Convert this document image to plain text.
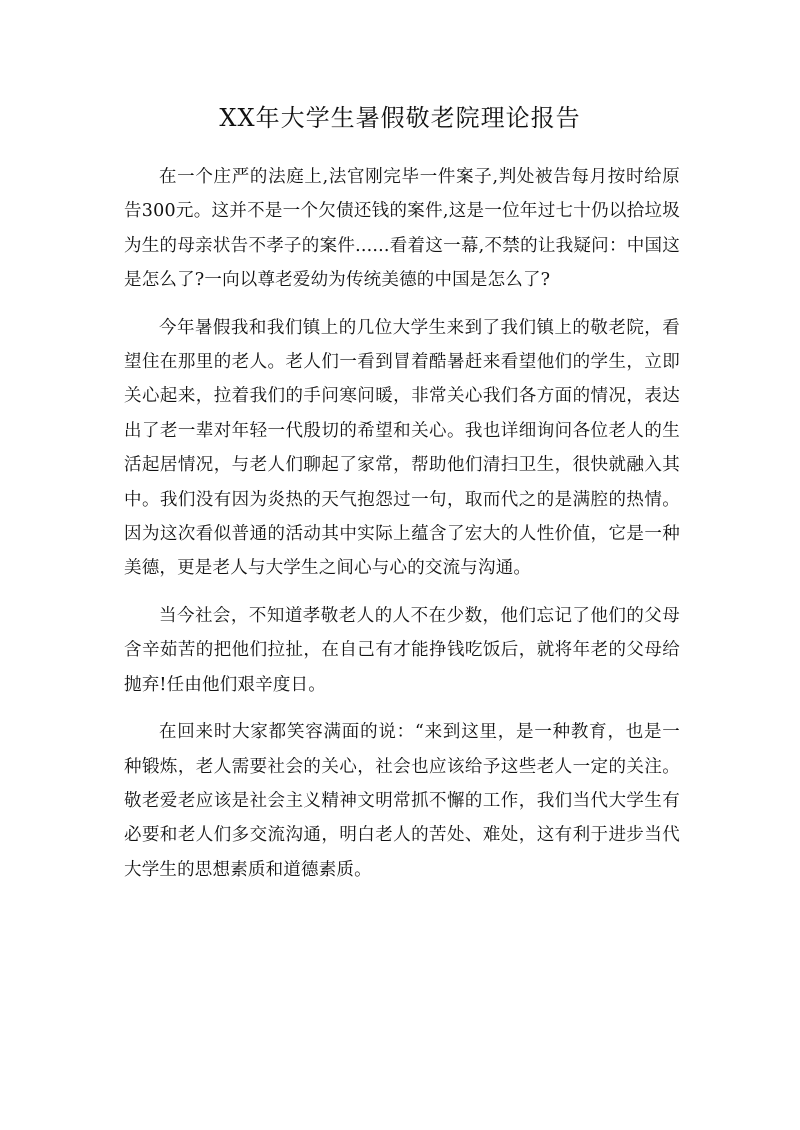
XX年大学生暑假敬老院理论报告

在一个庄严的法庭上,法官刚完毕一件案子,判处被告每月按时给原告300元。这并不是一个欠债还钱的案件,这是一位年过七十仍以拾垃圾为生的母亲状告不孝子的案件......看着这一幕,不禁的让我疑问：中国这是怎么了?一向以尊老爱幼为传统美德的中国是怎么了?

今年暑假我和我们镇上的几位大学生来到了我们镇上的敬老院，看望住在那里的老人。老人们一看到冒着酷暑赶来看望他们的学生，立即关心起来，拉着我们的手问寒问暖，非常关心我们各方面的情况，表达出了老一辈对年轻一代殷切的希望和关心。我也详细询问各位老人的生活起居情况，与老人们聊起了家常，帮助他们清扫卫生，很快就融入其中。我们没有因为炎热的天气抱怨过一句，取而代之的是满腔的热情。因为这次看似普通的活动其中实际上蕴含了宏大的人性价值，它是一种美德，更是老人与大学生之间心与心的交流与沟通。

当今社会，不知道孝敬老人的人不在少数，他们忘记了他们的父母含辛茹苦的把他们拉扯，在自己有才能挣钱吃饭后，就将年老的父母给抛弃!任由他们艰辛度日。

在回来时大家都笑容满面的说：“来到这里，是一种教育，也是一种锻炼，老人需要社会的关心，社会也应该给予这些老人一定的关注。敬老爱老应该是社会主义精神文明常抓不懈的工作，我们当代大学生有必要和老人们多交流沟通，明白老人的苦处、难处，这有利于进步当代大学生的思想素质和道德素质。
